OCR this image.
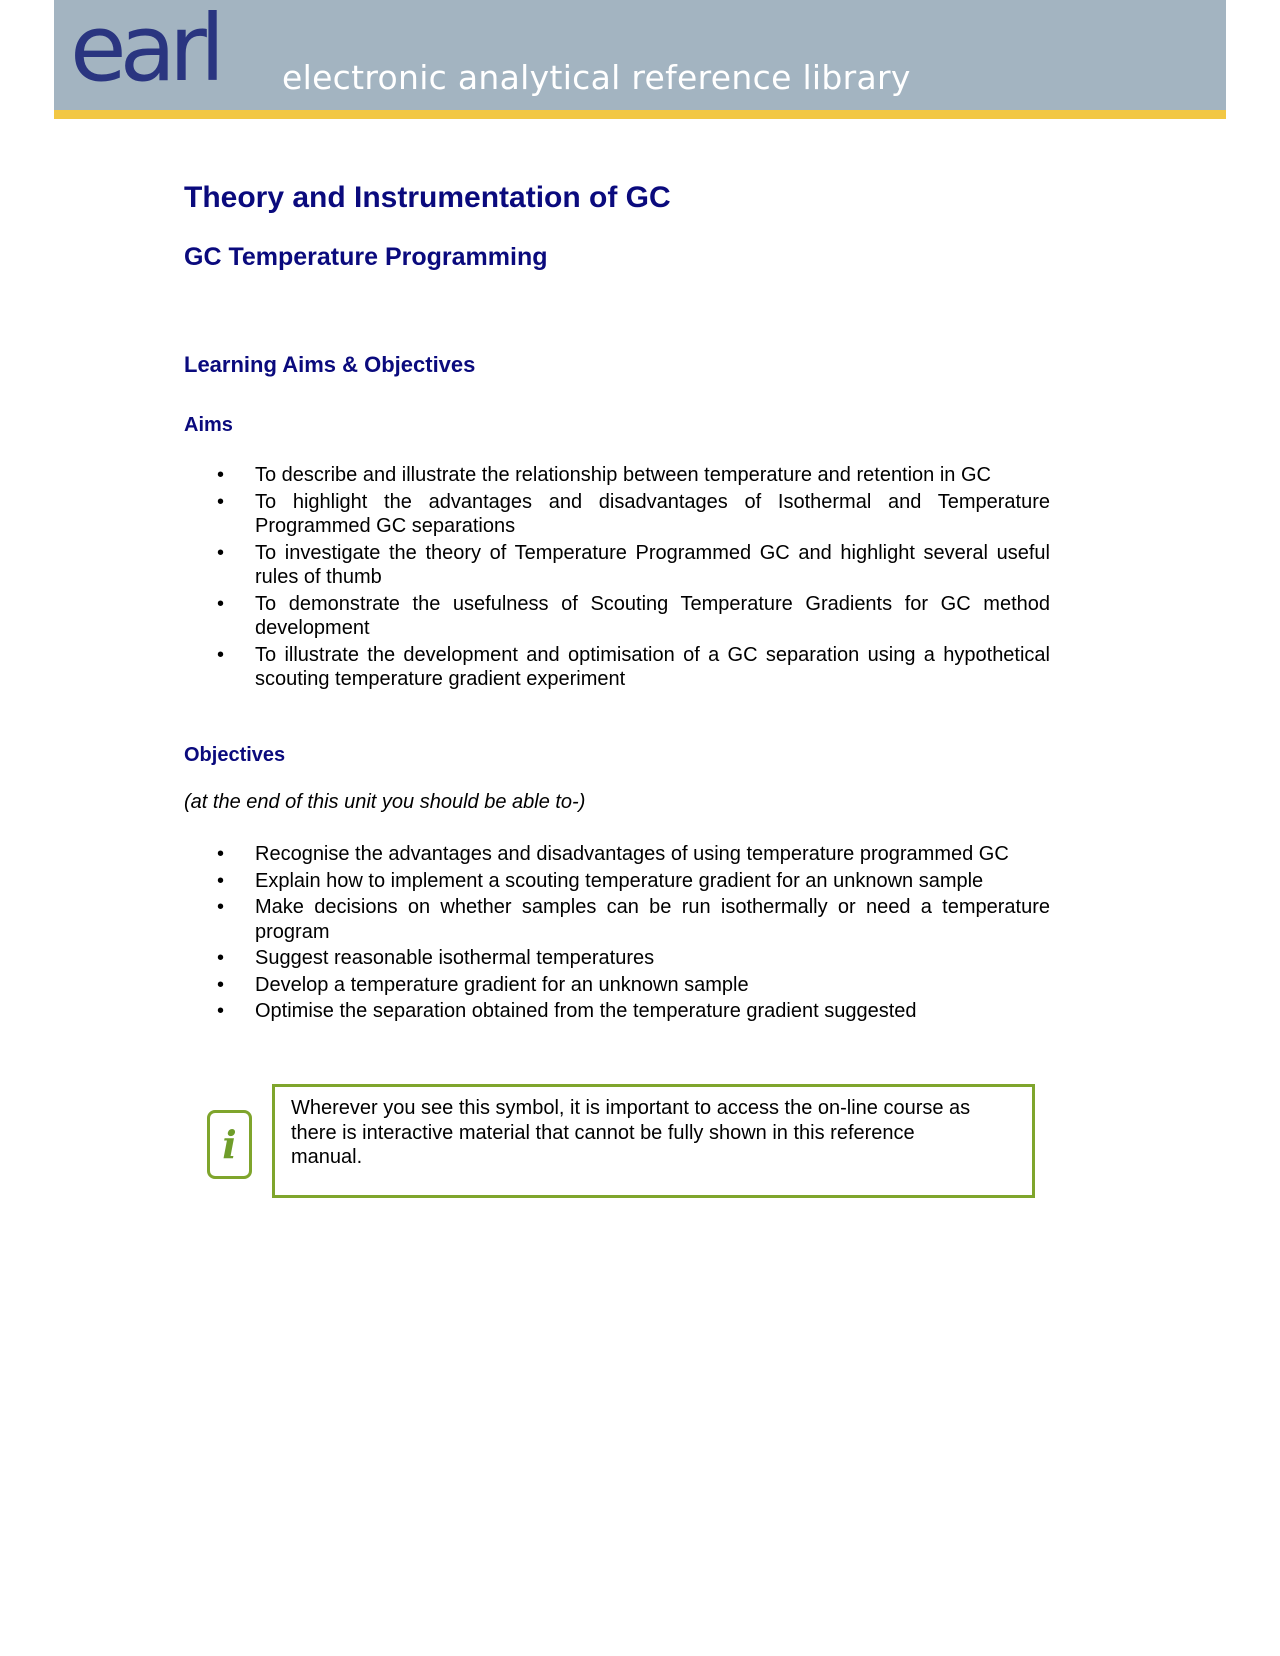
earl electronic analytical reference library
Theory and Instrumentation of GC
GC Temperature Programming
Learning Aims & Objectives
Aims
• To describe and illustrate the relationship between temperature and retention in GC
• To highlight the advantages and disadvantages of Isothermal and Temperature Programmed GC separations
• To investigate the theory of Temperature Programmed GC and highlight several useful rules of thumb
• To demonstrate the usefulness of Scouting Temperature Gradients for GC method development
• To illustrate the development and optimisation of a GC separation using a hypothetical scouting temperature gradient experiment
Objectives

(at the end of this unit you should be able to-)

• Recognise the advantages and disadvantages of using temperature programmed GC
• Explain how to implement a scouting temperature gradient for an unknown sample
• Make decisions on whether samples can be run isothermally or need a temperature program
• Suggest reasonable isothermal temperatures
• Develop a temperature gradient for an unknown sample
• Optimise the separation obtained from the temperature gradient suggested
i

Wherever you see this symbol, it is important to access the on-line course as there is interactive material that cannot be fully shown in this reference manual.
